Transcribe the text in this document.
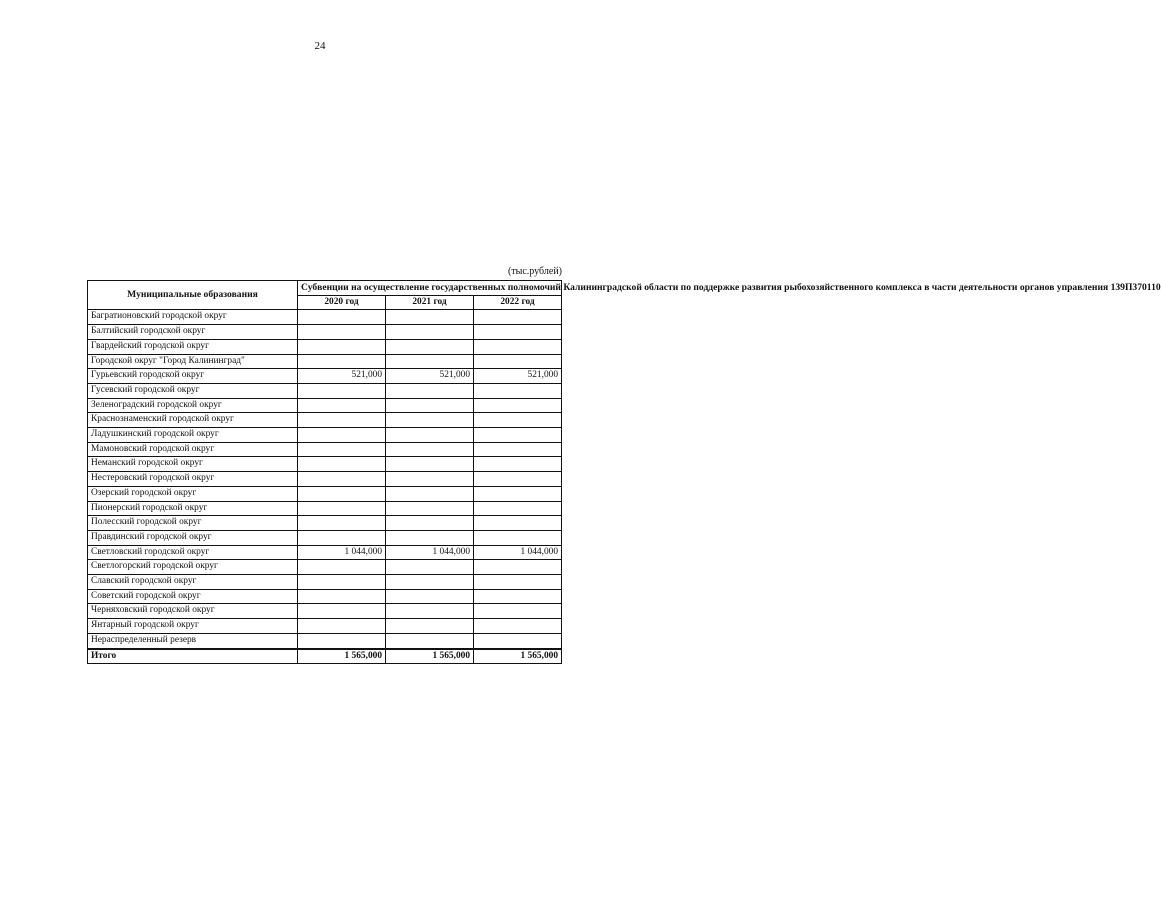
24
(тыс.рублей)
Муниципальные образования	Субвенции на осуществление государственных полномочий Калининградской области по поддержке развития рыбохозяйственного комплекса в части деятельности органов управления 139П370110		
	2020 год	2021 год	2022 год
Багратионовский городской округ			
Балтийский городской округ			
Гвардейский городской округ			
Городской округ "Город Калининград"			
Гурьевский городской округ	521,000	521,000	521,000
Гусевский городской округ			
Зеленоградский городской округ			
Краснознаменский городской округ			
Ладушкинский городской округ			
Мамоновский городской округ			
Неманский городской округ			
Нестеровский городской округ			
Озерский городской округ			
Пионерский городской округ			
Полесский городской округ			
Правдинский городской округ			
Светловский городской округ	1 044,000	1 044,000	1 044,000
Светлогорский городской округ			
Славский городской округ			
Советский городской округ			
Черняховский городской округ			
Янтарный городской округ			
Нераспределенный резерв			
Итого	1 565,000	1 565,000	1 565,000
